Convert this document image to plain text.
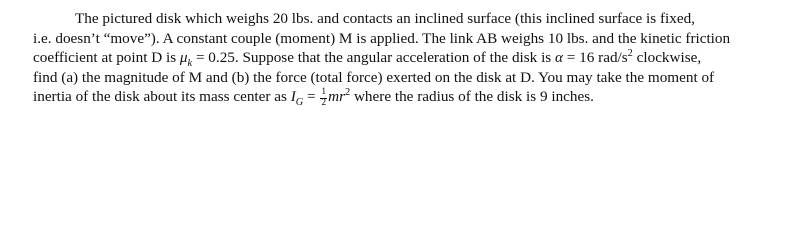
The pictured disk which weighs 20 lbs. and contacts an inclined surface (this inclined surface is fixed,
i.e. doesn’t “move”). A constant couple (moment) M is applied. The link AB weighs 10 lbs. and the kinetic friction
coefficient at point D is $\mu_k = 0.25$. Suppose that the angular acceleration of the disk is α = 16 rad/$s^2$ clockwise,
find (a) the magnitude of M and (b) the force (total force) exerted on the disk at D. You may take the moment of
inertia of the disk about its mass center as $I_G = \frac{1}{2} mr^2$ where the radius of the disk is 9 inches.
